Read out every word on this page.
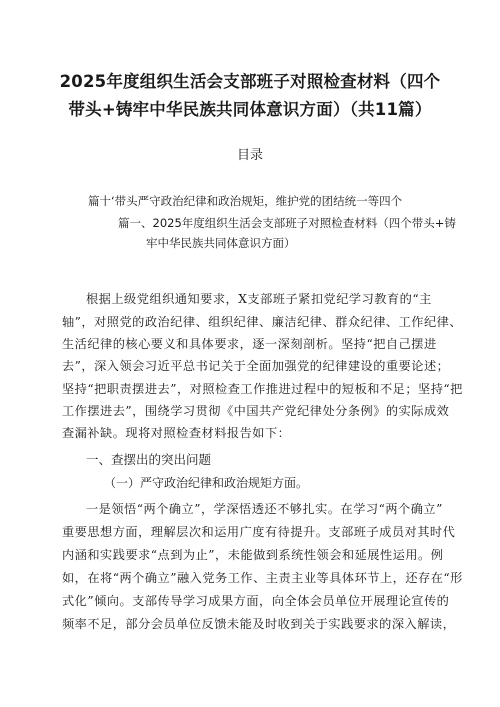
2025年度组织生活会支部班子对照检查材料（四个
带头+铸牢中华民族共同体意识方面）（共11篇）
目录
篇十‘带头严守政治纪律和政治规矩，维护党的团结统一等四个
篇一、2025年度组织生活会支部班子对照检查材料（四个带头+铸
牢中华民族共同体意识方面）
根据上级党组织通知要求，X支部班子紧扣党纪学习教育的“主
轴”，对照党的政治纪律、组织纪律、廉洁纪律、群众纪律、工作纪律、
生活纪律的核心要义和具体要求，逐一深刻剖析。坚持“把自己摆进
去”，深入领会习近平总书记关于全面加强党的纪律建设的重要论述；
坚持“把职责摆进去”，对照检查工作推进过程中的短板和不足；坚持“把
工作摆进去”，围绕学习贯彻《中国共产党纪律处分条例》的实际成效
查漏补缺。现将对照检查材料报告如下：
一、查摆出的突出问题
（一）严守政治纪律和政治规矩方面。
一是领悟“两个确立”，学深悟透还不够扎实。在学习“两个确立”
重要思想方面，理解层次和运用广度有待提升。支部班子成员对其时代
内涵和实践要求“点到为止”，未能做到系统性领会和延展性运用。例
如，在将“两个确立”融入党务工作、主责主业等具体环节上，还存在“形
式化”倾向。支部传导学习成果方面，向全体会员单位开展理论宣传的
频率不足，部分会员单位反馈未能及时收到关于实践要求的深入解读，
